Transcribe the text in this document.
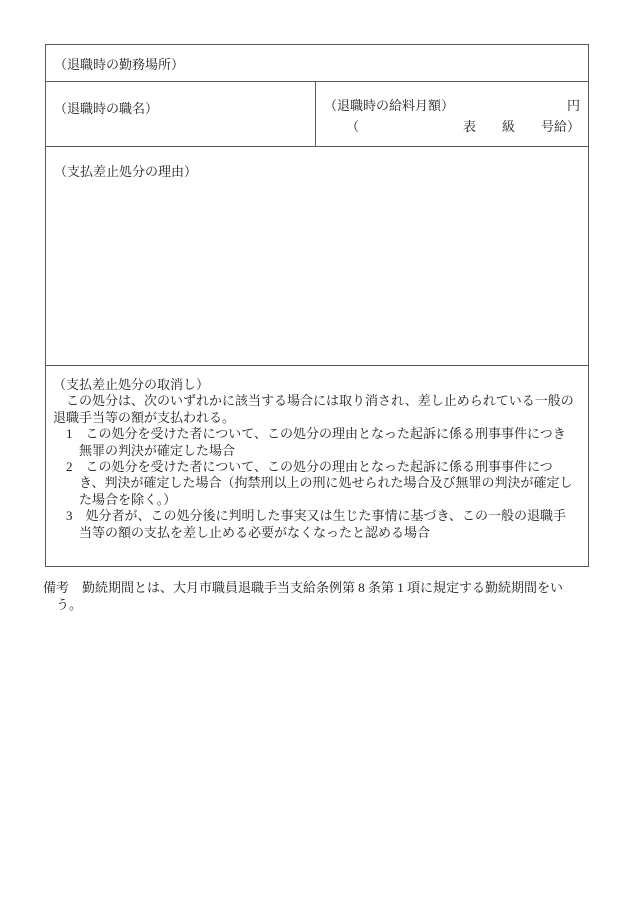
（退職時の勤務場所）
（退職時の職名）	（退職時の給料月額）	円
（　　　　　　　　表　　級　　号給）
（支払差止処分の理由）
（支払差止処分の取消し）
　この処分は、次のいずれかに該当する場合には取り消され、差し止められている一般の
退職手当等の額が支払われる。
　1　この処分を受けた者について、この処分の理由となった起訴に係る刑事事件につき
　　無罪の判決が確定した場合
　2　この処分を受けた者について、この処分の理由となった起訴に係る刑事事件につ
　　き、判決が確定した場合（拘禁刑以上の刑に処せられた場合及び無罪の判決が確定し
　　た場合を除く。）
　3　処分者が、この処分後に判明した事実又は生じた事情に基づき、この一般の退職手
　　当等の額の支払を差し止める必要がなくなったと認める場合
備考　勤続期間とは、大月市職員退職手当支給条例第 8 条第 1 項に規定する勤続期間をい
　う。
